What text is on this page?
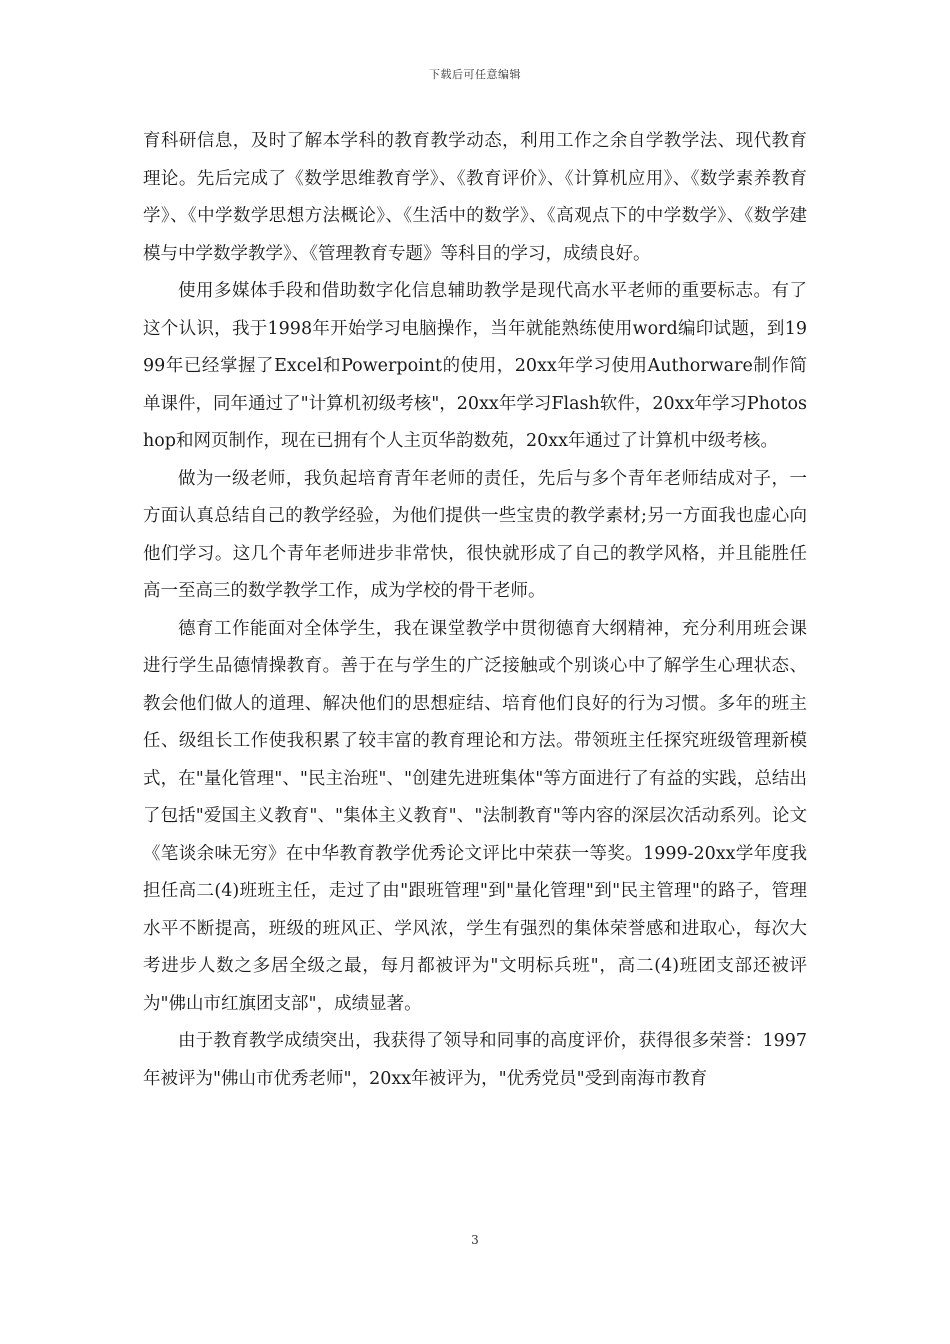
下载后可任意编辑

育科研信息，及时了解本学科的教育教学动态，利用工作之余自学教学法、现代教育理论。先后完成了《数学思维教育学》、《教育评价》、《计算机应用》、《数学素养教育学》、《中学数学思想方法概论》、《生活中的数学》、《高观点下的中学数学》、《数学建模与中学数学教学》、《管理教育专题》等科目的学习，成绩良好。

使用多媒体手段和借助数字化信息辅助教学是现代高水平老师的重要标志。有了这个认识，我于1998年开始学习电脑操作，当年就能熟练使用word编印试题，到1999年已经掌握了Excel和Powerpoint的使用，20xx年学习使用Authorware制作简单课件，同年通过了"计算机初级考核"，20xx年学习Flash软件，20xx年学习Photoshop和网页制作，现在已拥有个人主页华韵数苑，20xx年通过了计算机中级考核。

做为一级老师，我负起培育青年老师的责任，先后与多个青年老师结成对子，一方面认真总结自己的教学经验，为他们提供一些宝贵的教学素材;另一方面我也虚心向他们学习。这几个青年老师进步非常快，很快就形成了自己的教学风格，并且能胜任高一至高三的数学教学工作，成为学校的骨干老师。

德育工作能面对全体学生，我在课堂教学中贯彻德育大纲精神，充分利用班会课进行学生品德情操教育。善于在与学生的广泛接触或个别谈心中了解学生心理状态、教会他们做人的道理、解决他们的思想症结、培育他们良好的行为习惯。多年的班主任、级组长工作使我积累了较丰富的教育理论和方法。带领班主任探究班级管理新模式，在"量化管理"、"民主治班"、"创建先进班集体"等方面进行了有益的实践，总结出了包括"爱国主义教育"、"集体主义教育"、"法制教育"等内容的深层次活动系列。论文《笔谈余味无穷》在中华教育教学优秀论文评比中荣获一等奖。1999-20xx学年度我担任高二(4)班班主任，走过了由"跟班管理"到"量化管理"到"民主管理"的路子，管理水平不断提高，班级的班风正、学风浓，学生有强烈的集体荣誉感和进取心，每次大考进步人数之多居全级之最，每月都被评为"文明标兵班"，高二(4)班团支部还被评为"佛山市红旗团支部"，成绩显著。

由于教育教学成绩突出，我获得了领导和同事的高度评价，获得很多荣誉：1997年被评为"佛山市优秀老师"，20xx年被评为，"优秀党员"受到南海市教育

3
